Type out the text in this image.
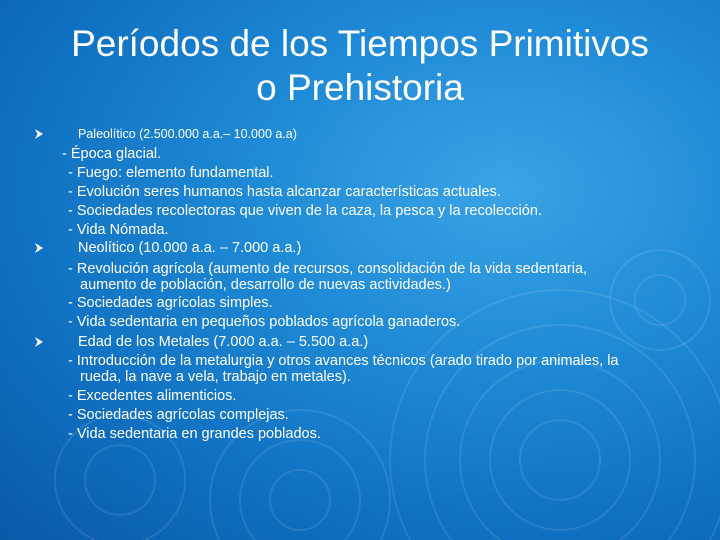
Períodos de los Tiempos Primitivos
o Prehistoria
Paleolítico (2.500.000 a.a.– 10.000 a.a)
- Época glacial.
- Fuego: elemento fundamental.
- Evolución seres humanos hasta alcanzar características actuales.
- Sociedades recolectoras que viven de la caza, la pesca y la recolección.
- Vida Nómada.
Neolítico (10.000 a.a. – 7.000 a.a.)
- Revolución agrícola (aumento de recursos, consolidación de la vida sedentaria,
aumento de población, desarrollo de nuevas actividades.)
- Sociedades agrícolas simples.
- Vida sedentaria en pequeños poblados agrícola ganaderos.
Edad de los Metales (7.000 a.a. – 5.500 a.a.)
- Introducción de la metalurgia y otros avances técnicos (arado tirado por animales, la
rueda, la nave a vela, trabajo en metales).
- Excedentes alimenticios.
- Sociedades agrícolas complejas.
- Vida sedentaria en grandes poblados.
